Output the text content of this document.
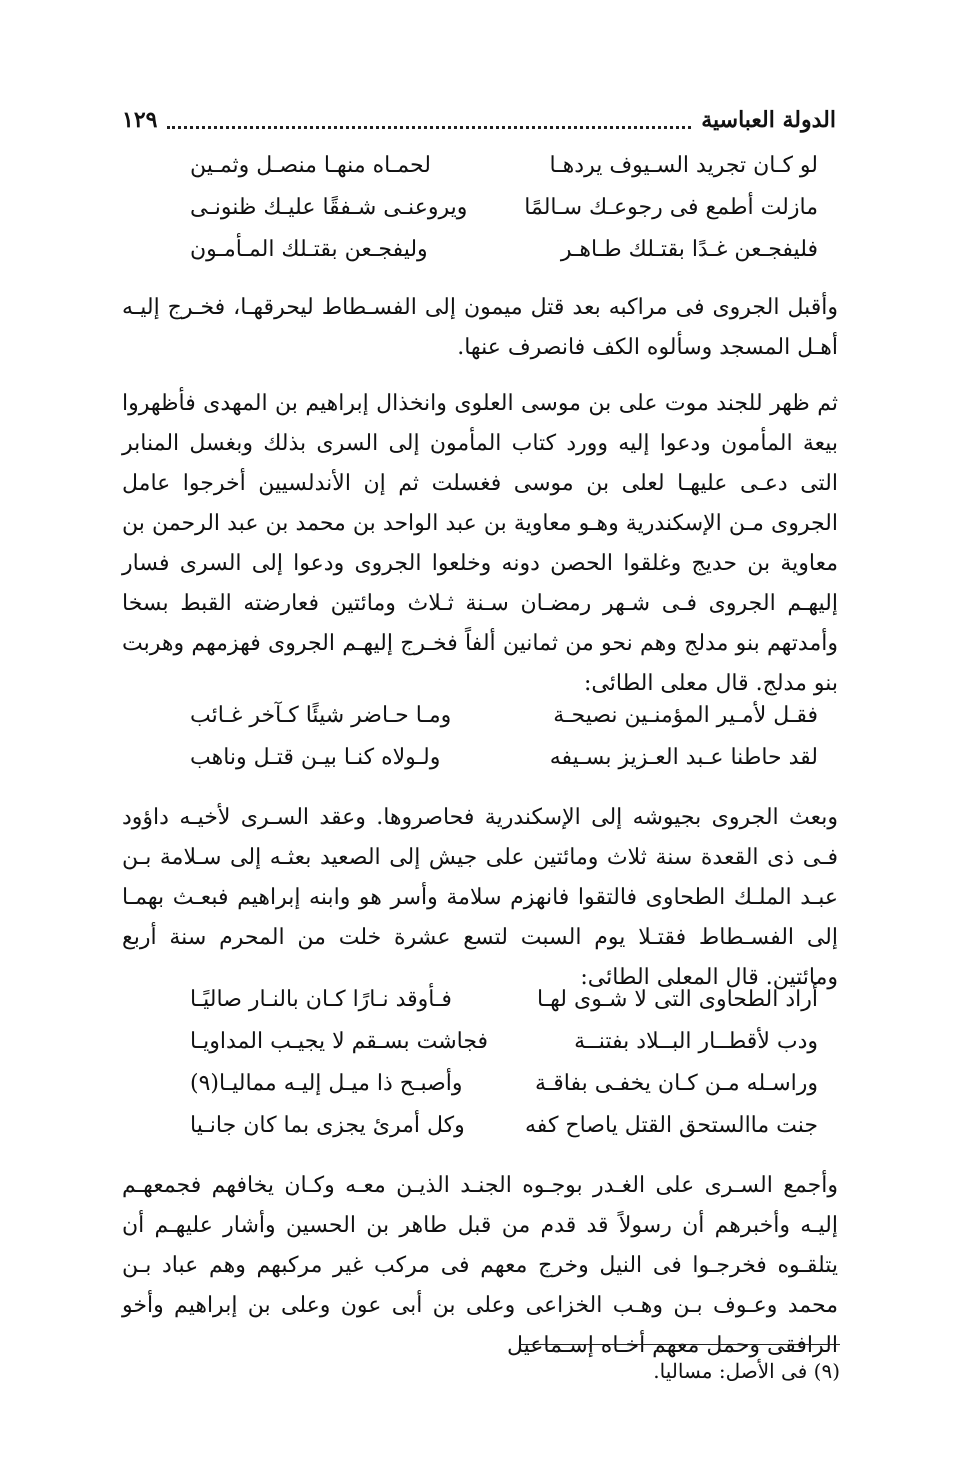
الدولة العباسية
١٢٩
لو كـان تجريد السـيوف يردهـا
لحمـاه منهـا منصـل وثمـين
مازلت أطمع فى رجوعـك سـالمًا
ويروعنـى شـفقًا عليـك ظنونـى
فليفجـعن غـدًا بقتـلك طـاهـر
وليفجـعن بقتـلك المـأمـون

وأقبل الجروى فى مراكبه بعد قتل ميمون إلى الفسـطاط ليحرقهـا، فخـرج إليـه أهـل المسجد وسألوه الكف فانصرف عنها.

ثم ظهر للجند موت على بن موسى العلوى وانخذال إبراهيم بن المهدى فأظهروا بيعة المأمون ودعوا إليه وورد كتاب المأمون إلى السرى بذلك وبغسل المنابر التى دعـى عليهـا لعلى بن موسى فغسلت ثم إن الأندلسيين أخرجوا عامل الجروى مـن الإسكندرية وهـو معاوية بن عبد الواحد بن محمد بن عبد الرحمن بن معاوية بن حديج وغلقوا الحصن دونه وخلعوا الجروى ودعوا إلى السرى فسار إليهـم الجروى فـى شـهر رمضـان سـنة ثـلاث ومائتين فعارضته القبط بسخا وأمدتهم بنو مدلج وهم نحو من ثمانين ألفاً فخـرج إليهـم الجروى فهزمهم وهربت بنو مدلج. قال معلى الطائى:

فقـل لأمـير المؤمنـين نصيحـة
ومـا حـاضر شيئًا كـآخر غـائب
لقد حاطنا عـبد العـزيز بسـيفه
ولـولاه كنـا بيـن قتـل وناهب

وبعث الجروى بجيوشه إلى الإسكندرية فحاصروها. وعقد السـرى لأخيـه داؤود فـى ذى القعدة سنة ثلاث ومائتين على جيش إلى الصعيد بعثـه إلى سـلامة بـن عبـد الملـك الطحاوى فالتقوا فانهزم سلامة وأسر هو وابنه إبراهيم فبعـث بهمـا إلى الفسـطاط فقتـلا يوم السبت لتسع عشرة خلت من المحرم سنة أربع ومائتين. قال المعلى الطائى:

أراد الطحاوى التى لا شـوى لهـا
فـأوقد نـارًا كـان بالنـار صاليًـا
ودب لأقطــار البــلاد بفتنــة
فجاشت بسـقم لا يجيـب المداويـا
وراسـله مـن كـان يخفـى بفاقـة
وأصبـح ذا ميـل إليـه مماليـا(٩)
جنت ماالستحق القتل ياصاح كفه
وكل أمرئ يجزى بما كان جانـيا

وأجمع السـرى على الغـدر بوجـوه الجنـد الذيـن معـه وكـان يخافهم فجمعهـم إليـه وأخبرهم أن رسولاً قد قدم من قبل طاهر بن الحسين وأشار عليهـم أن يتلقـوه فخرجـوا فى النيل وخرج معهم فى مركب غير مركبهم وهم عباد بـن محمد وعـوف بـن وهـب الخزاعى وعلى بن أبى عون وعلى بن إبراهيم وأخو الرافقى وحمل معهم أخـاه إسـماعيل

(٩) فى الأصل: مساليا.
